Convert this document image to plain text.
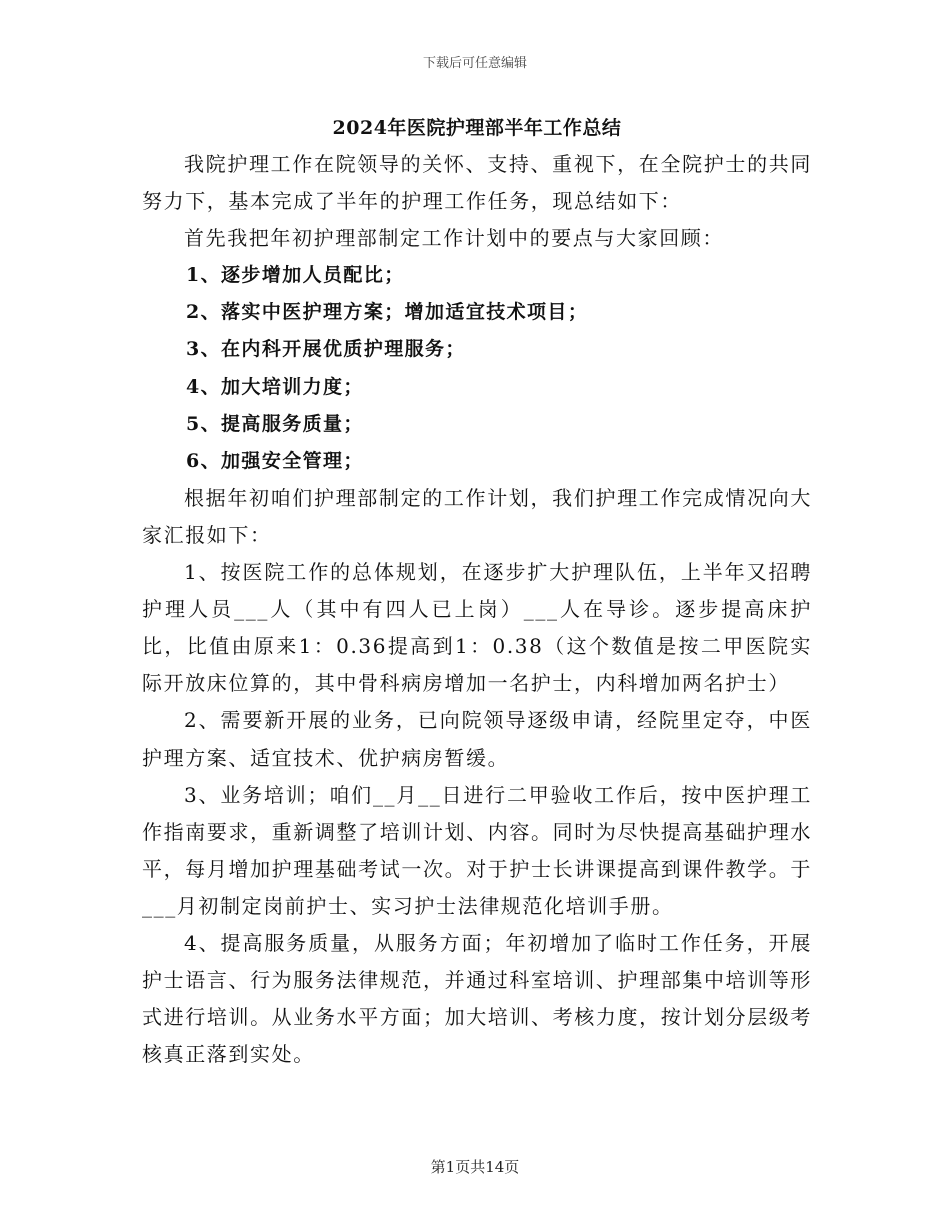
下载后可任意编辑
2024年医院护理部半年工作总结

我院护理工作在院领导的关怀、支持、重视下，在全院护士的共同努力下，基本完成了半年的护理工作任务，现总结如下：

首先我把年初护理部制定工作计划中的要点与大家回顾：

1、逐步增加人员配比；

2、落实中医护理方案；增加适宜技术项目；

3、在内科开展优质护理服务；

4、加大培训力度；

5、提高服务质量；

6、加强安全管理；

根据年初咱们护理部制定的工作计划，我们护理工作完成情况向大家汇报如下：

1、按医院工作的总体规划，在逐步扩大护理队伍，上半年又招聘护理人员___人（其中有四人已上岗）___人在导诊。逐步提高床护比，比值由原来1：0.36提高到1：0.38（这个数值是按二甲医院实际开放床位算的，其中骨科病房增加一名护士，内科增加两名护士）

2、需要新开展的业务，已向院领导逐级申请，经院里定夺，中医护理方案、适宜技术、优护病房暂缓。

3、业务培训；咱们__月__日进行二甲验收工作后，按中医护理工作指南要求，重新调整了培训计划、内容。同时为尽快提高基础护理水平，每月增加护理基础考试一次。对于护士长讲课提高到课件教学。于___月初制定岗前护士、实习护士法律规范化培训手册。

4、提高服务质量，从服务方面；年初增加了临时工作任务，开展护士语言、行为服务法律规范，并通过科室培训、护理部集中培训等形式进行培训。从业务水平方面；加大培训、考核力度，按计划分层级考核真正落到实处。

第1页共14页
